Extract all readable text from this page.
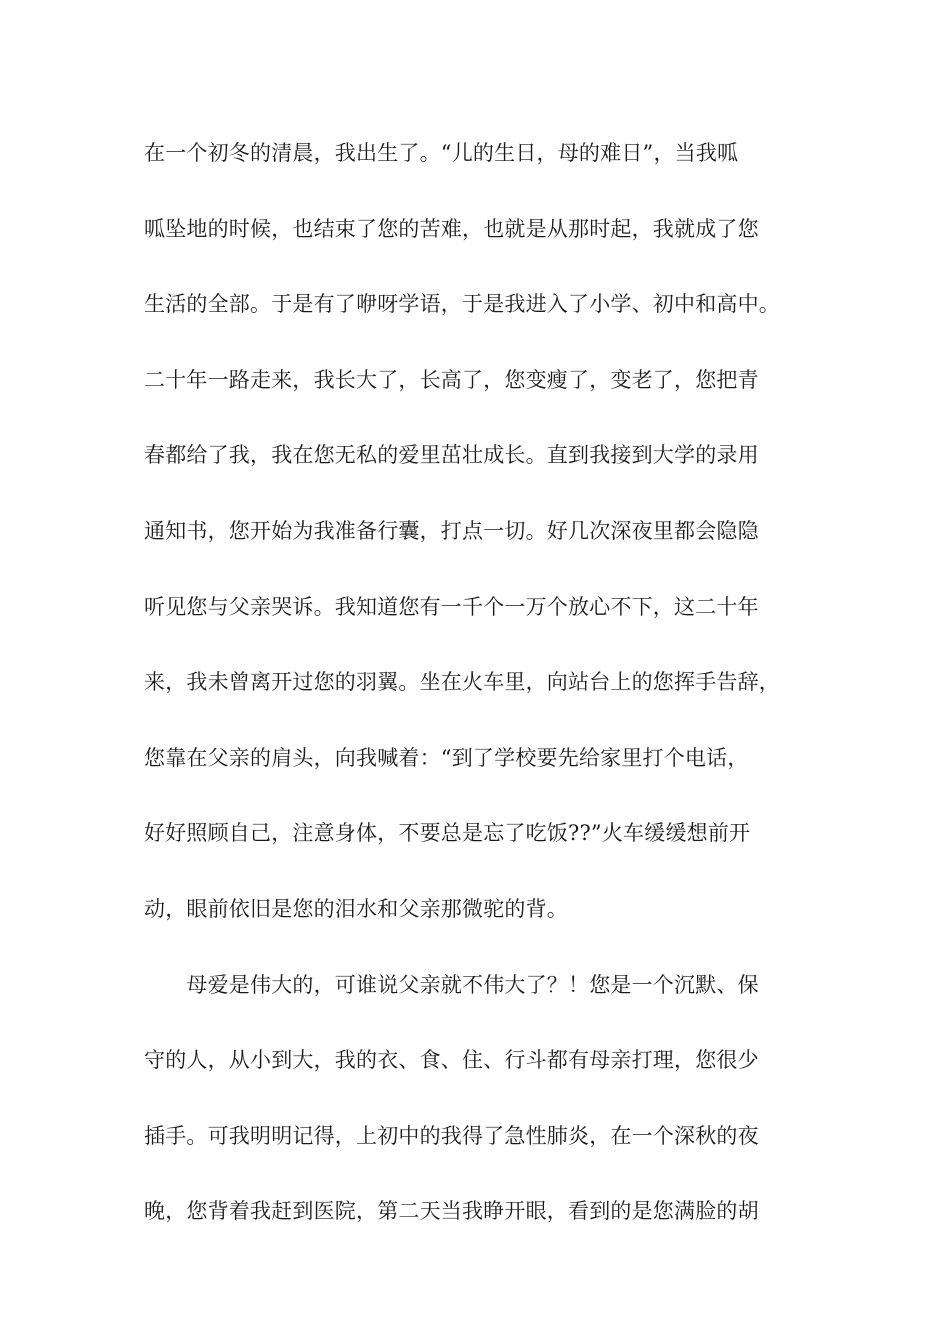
在一个初冬的清晨，我出生了。“儿的生日，母的难日”，当我呱
呱坠地的时候，也结束了您的苦难，也就是从那时起，我就成了您
生活的全部。于是有了咿呀学语，于是我进入了小学、初中和高中。
二十年一路走来，我长大了，长高了，您变瘦了，变老了，您把青
春都给了我，我在您无私的爱里茁壮成长。直到我接到大学的录用
通知书，您开始为我准备行囊，打点一切。好几次深夜里都会隐隐
听见您与父亲哭诉。我知道您有一千个一万个放心不下，这二十年
来，我未曾离开过您的羽翼。坐在火车里，向站台上的您挥手告辞，
您靠在父亲的肩头，向我喊着：“到了学校要先给家里打个电话，
好好照顾自己，注意身体，不要总是忘了吃饭??”火车缓缓想前开
动，眼前依旧是您的泪水和父亲那微驼的背。
　　母爱是伟大的，可谁说父亲就不伟大了？！您是一个沉默、保
守的人，从小到大，我的衣、食、住、行斗都有母亲打理，您很少
插手。可我明明记得，上初中的我得了急性肺炎，在一个深秋的夜
晚，您背着我赶到医院，第二天当我睁开眼，看到的是您满脸的胡
